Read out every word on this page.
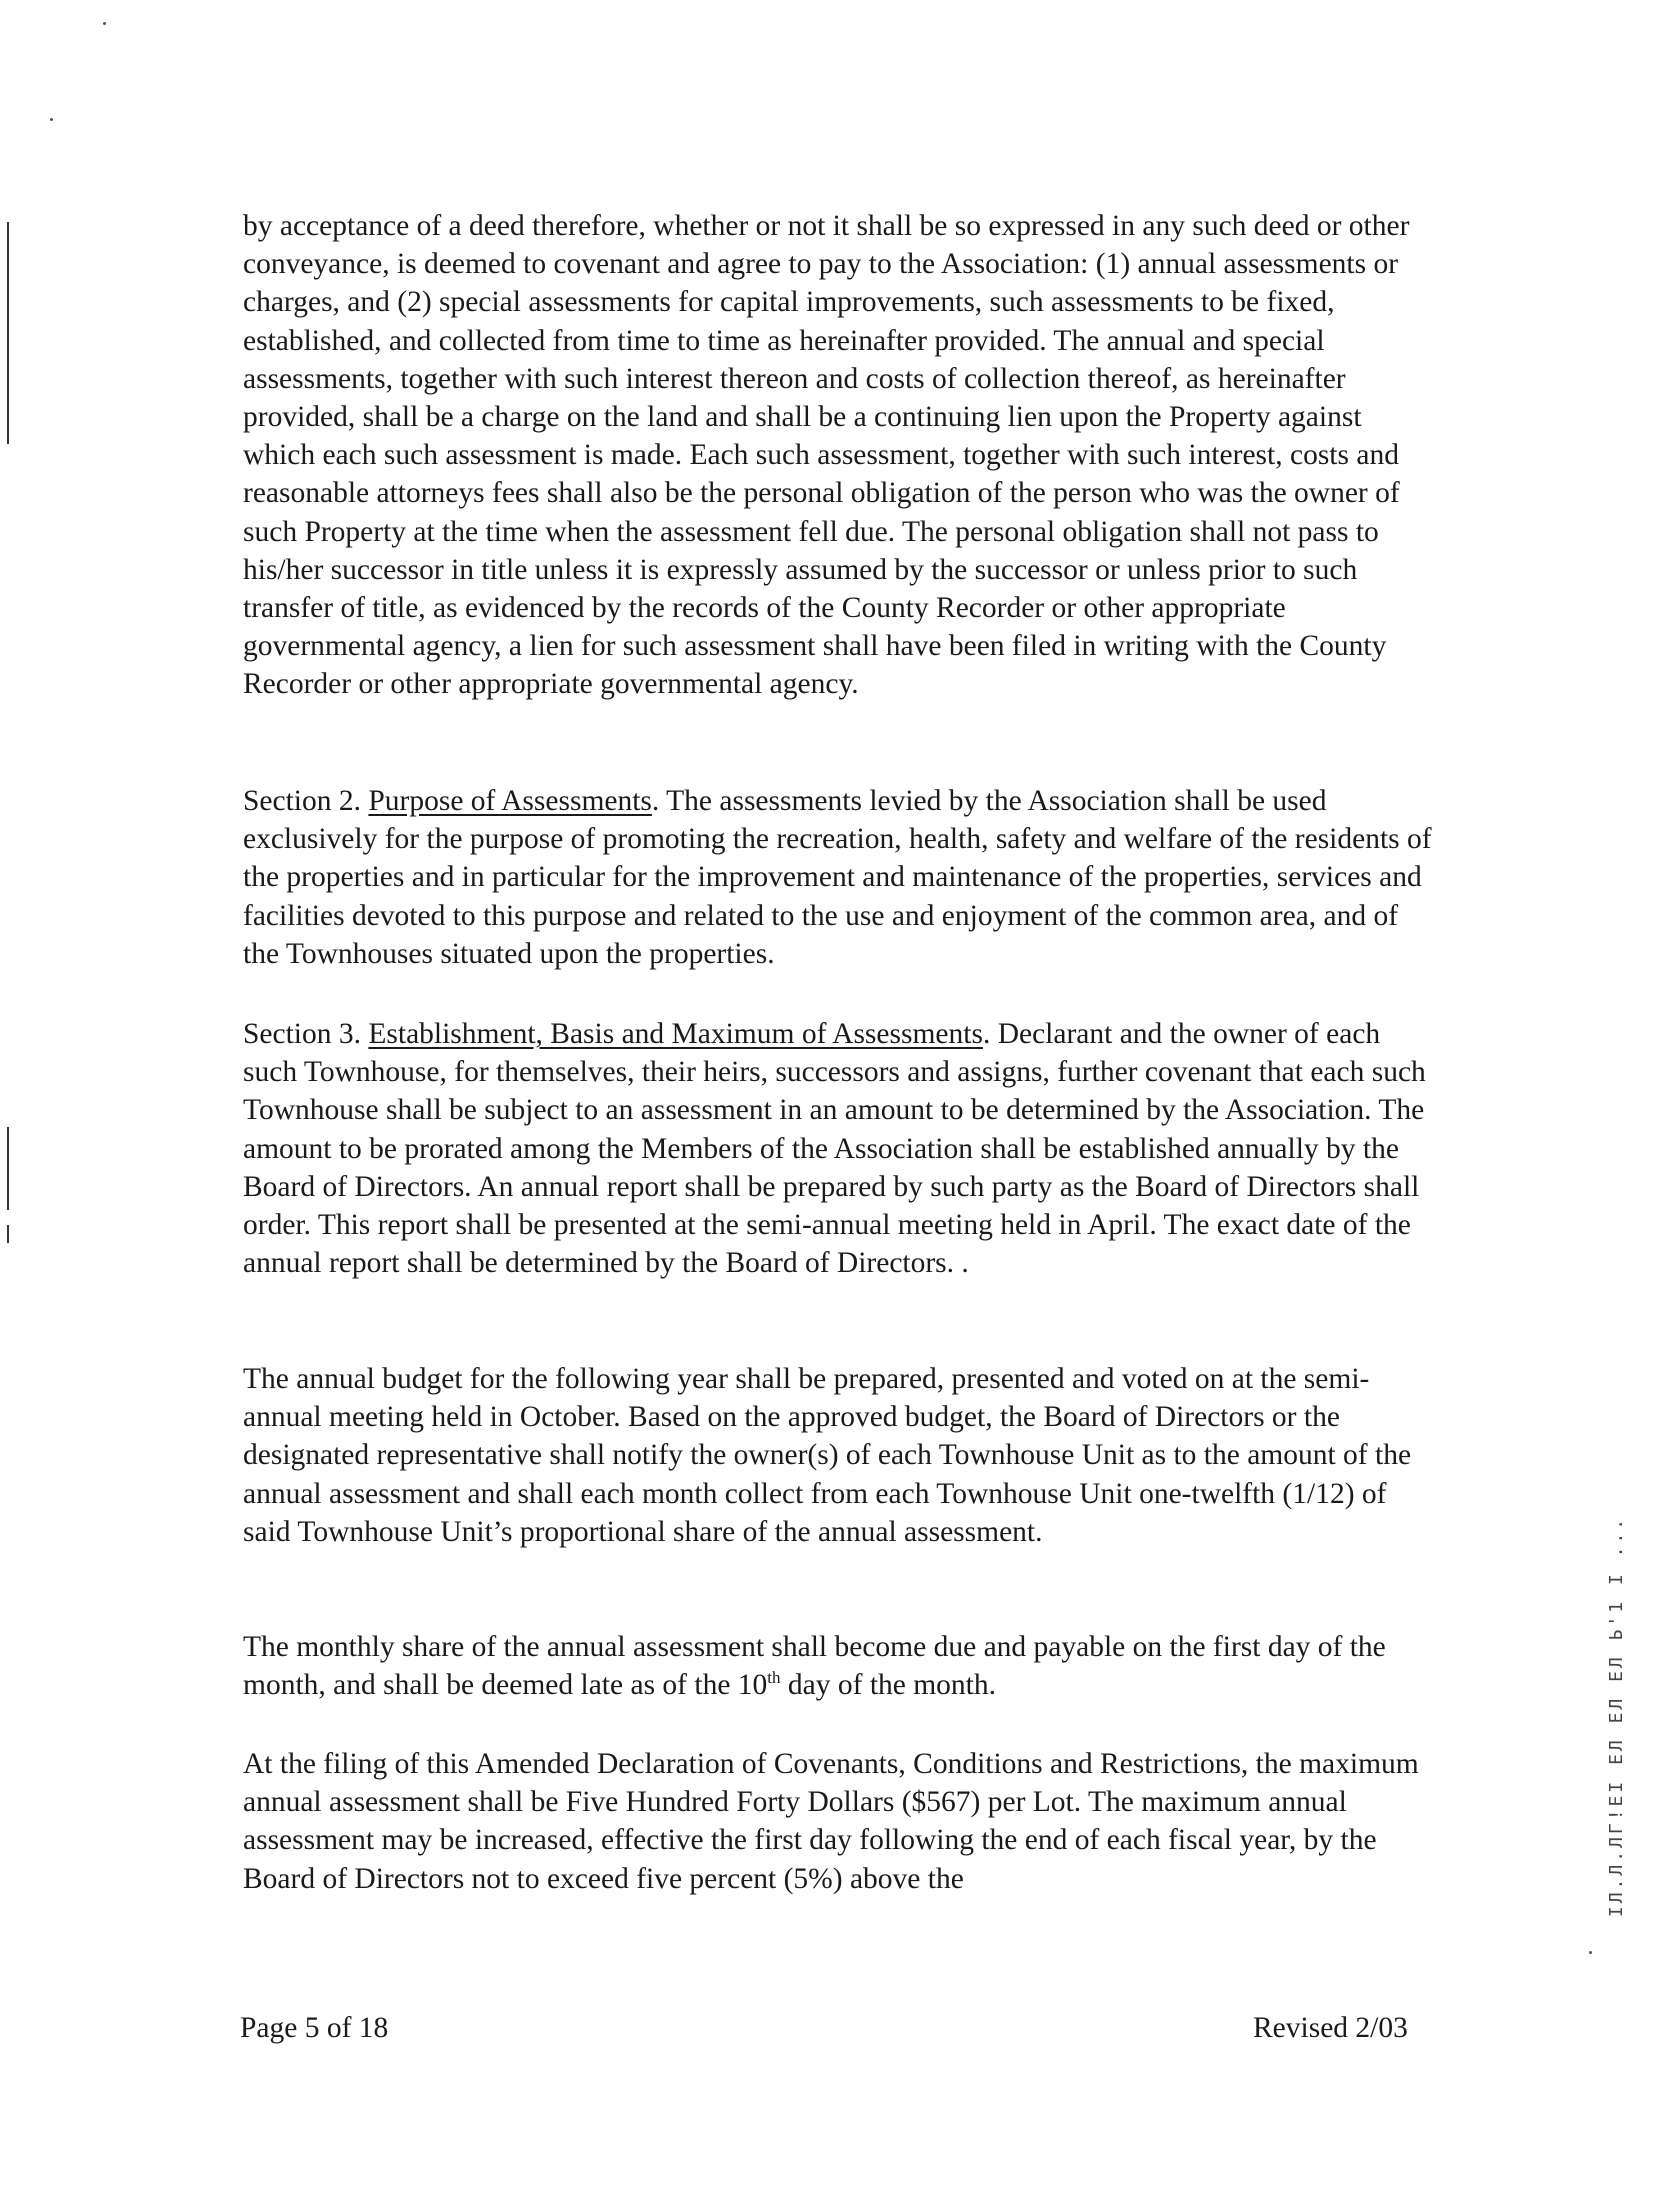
by acceptance of a deed therefore, whether or not it shall be so expressed in any such deed or other conveyance, is deemed to covenant and agree to pay to the Association: (1) annual assessments or charges, and (2) special assessments for capital improvements, such assessments to be fixed, established, and collected from time to time as hereinafter provided. The annual and special assessments, together with such interest thereon and costs of collection thereof, as hereinafter provided, shall be a charge on the land and shall be a continuing lien upon the Property against which each such assessment is made. Each such assessment, together with such interest, costs and reasonable attorneys fees shall also be the personal obligation of the person who was the owner of such Property at the time when the assessment fell due. The personal obligation shall not pass to his/her successor in title unless it is expressly assumed by the successor or unless prior to such transfer of title, as evidenced by the records of the County Recorder or other appropriate governmental agency, a lien for such assessment shall have been filed in writing with the County Recorder or other appropriate governmental agency.

Section 2. Purpose of Assessments. The assessments levied by the Association shall be used exclusively for the purpose of promoting the recreation, health, safety and welfare of the residents of the properties and in particular for the improvement and maintenance of the properties, services and facilities devoted to this purpose and related to the use and enjoyment of the common area, and of the Townhouses situated upon the properties.

Section 3. Establishment, Basis and Maximum of Assessments. Declarant and the owner of each such Townhouse, for themselves, their heirs, successors and assigns, further covenant that each such Townhouse shall be subject to an assessment in an amount to be determined by the Association. The amount to be prorated among the Members of the Association shall be established annually by the Board of Directors. An annual report shall be prepared by such party as the Board of Directors shall order. This report shall be presented at the semi-annual meeting held in April. The exact date of the annual report shall be determined by the Board of Directors. .

The annual budget for the following year shall be prepared, presented and voted on at the semi-annual meeting held in October. Based on the approved budget, the Board of Directors or the designated representative shall notify the owner(s) of each Townhouse Unit as to the amount of the annual assessment and shall each month collect from each Townhouse Unit one-twelfth (1/12) of said Townhouse Unit’s proportional share of the annual assessment.

The monthly share of the annual assessment shall become due and payable on the first day of the month, and shall be deemed late as of the 10th day of the month.

At the filing of this Amended Declaration of Covenants, Conditions and Restrictions, the maximum annual assessment shall be Five Hundred Forty Dollars ($567) per Lot. The maximum annual assessment may be increased, effective the first day following the end of each fiscal year, by the Board of Directors not to exceed five percent (5%) above the

Page 5 of 18	Revised 2/03
IЛ.Л.ЛГ!ЕІ ЕЛ ЕЛ ЕЛ Ь'1 І ...
